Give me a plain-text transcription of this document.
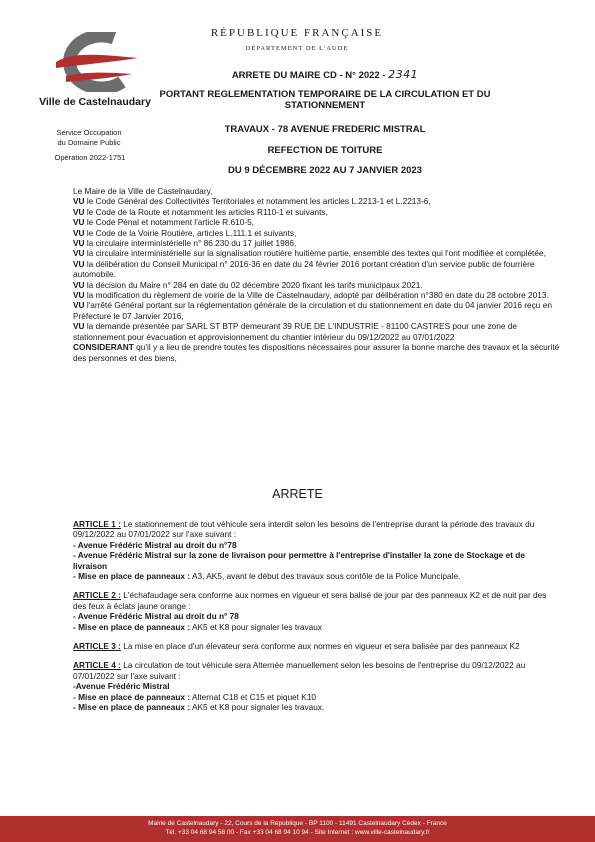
Ville de Castelnaudary
Service Occupation
du Domaine Public
Opération 2022-1751
RÉPUBLIQUE FRANÇAISE
DÉPARTEMENT DE L'AUDE
ARRETE DU MAIRE CD - N° 2022 - 2341
PORTANT REGLEMENTATION TEMPORAIRE DE LA CIRCULATION ET DU
STATIONNEMENT
TRAVAUX - 78 AVENUE FREDERIC MISTRAL
REFECTION DE TOITURE
DU 9 DÉCEMBRE 2022 AU 7 JANVIER 2023

Le Maire de la Ville de Castelnaudary,

VU le Code Général des Collectivités Territoriales et notamment les articles L.2213-1 et L.2213-6,

VU le Code de la Route et notamment les articles R110-1 et suivants,

VU le Code Pénal et notamment l'article R.610-5,

VU le Code de la Voirie Routière, articles L.111.1 et suivants,

VU la circulaire interministérielle n° 86.230 du 17 juillet 1986,

VU la circulaire interministérielle sur la signalisation routière huitième partie, ensemble des textes qui l'ont modifiée et complétée,

VU la délibération du Conseil Municipal n° 2016-36 en date du 24 février 2016 portant création d'un service public de fourrière automobile.

VU la décision du Maire n° 284 en date du 02 décembre 2020 fixant les tarifs municipaux 2021.

VU la modification du règlement de voirie de la Ville de Castelnaudary, adopté par délibération n°380 en date du 28 octobre 2013.

VU l'arrêté Général portant sur la réglementation générale de la circulation et du stationnement en date du 04 janvier 2016 reçu en Préfecture le 07 Janvier 2016,

VU la demande présentée par SARL ST BTP demeurant 39 RUE DE L'INDUSTRIE - 81100 CASTRES pour une zone de stationnement pour évacuation et approvisionnement du chantier intérieur du 09/12/2022 au 07/01/2022

CONSIDERANT qu'il y a lieu de prendre toutes les dispositions nécessaires pour assurer la bonne marche des travaux et la sécurité des personnes et des biens,

ARRETE

ARTICLE 1 : Le stationnement de tout véhicule sera interdit selon les besoins de l'entreprise durant la période des travaux du 09/12/2022 au 07/01/2022 sur l'axe suivant :

- Avenue Frédéric Mistral au droit du n°78

- Avenue Frédéric Mistral sur la zone de livraison pour permettre à l'entreprise d'installer la zone de Stockage et de livraison

- Mise en place de panneaux : A3, AK5, avant le début des travaux sous contôle de la Police Muncipale.

ARTICLE 2 : L'échafaudage sera conforme aux normes en vigueur et sera balisé de jour par des panneaux K2 et de nuit par des des feux à éclats jaune orange :

- Avenue Frédéric Mistral au droit du n° 78

- Mise en place de panneaux : AK5 et K8 pour signaler les travaux

ARTICLE 3 : La mise en place d'un élevateur sera conforme aux normes en vigueur et sera balisée par des panneaux K2

ARTICLE 4 : La circulation de tout véhicule sera Alternée manuellement selon les besoins de l'entreprise du 09/12/2022 au 07/01/2022 sur l'axe suivant :

-Avenue Frédéric Mistral

- Mise en place de panneaux : Alternat C18 et C15 et piquet K10

- Mise en place de panneaux : AK5 et K8 pour signaler les travaux.

Mairie de Castelnaudary - 22, Cours de la République - BP 1100 - 11491 Castelnaudary Cedex - France
Tél. +33 04 68 94 58 00 - Fax +33 04 68 94 10 94 - Site Internet : www.ville-castelnaudary.fr
